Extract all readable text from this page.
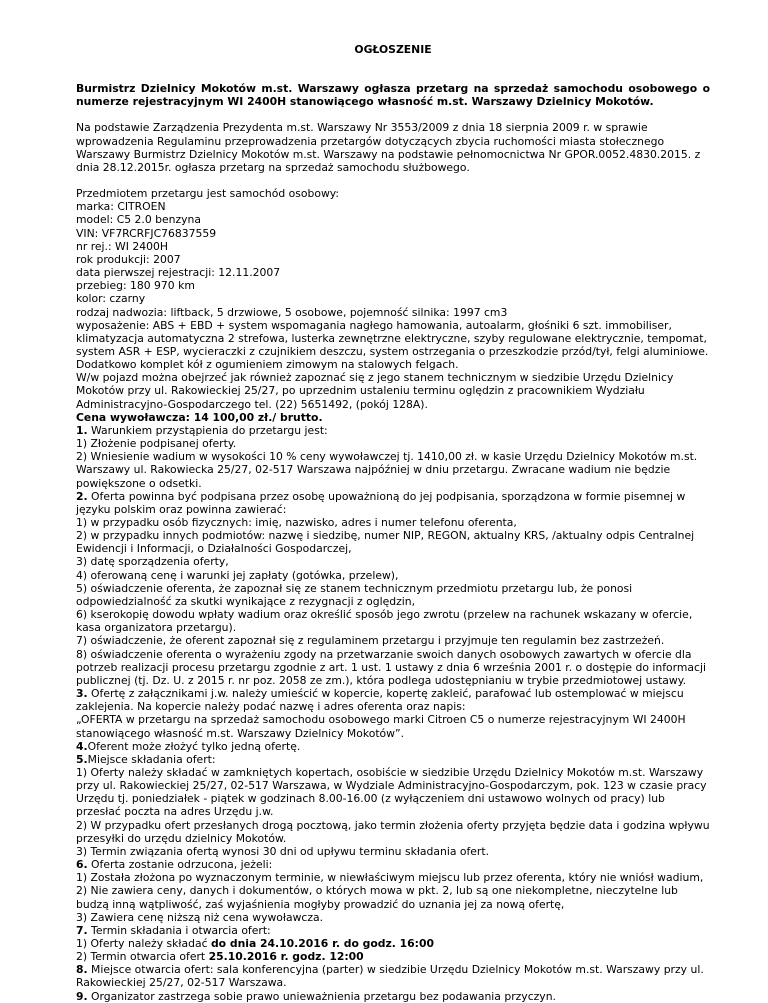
OGŁOSZENIE
Burmistrz Dzielnicy Mokotów m.st. Warszawy ogłasza przetarg na sprzedaż samochodu osobowego o numerze rejestracyjnym WI 2400H stanowiącego własność m.st. Warszawy Dzielnicy Mokotów.
Na podstawie Zarządzenia Prezydenta m.st. Warszawy Nr 3553/2009 z dnia 18 sierpnia 2009 r. w sprawie wprowadzenia Regulaminu przeprowadzenia przetargów dotyczących zbycia ruchomości miasta stołecznego Warszawy Burmistrz Dzielnicy Mokotów m.st. Warszawy na podstawie pełnomocnictwa Nr GPOR.0052.4830.2015. z dnia 28.12.2015r. ogłasza przetarg na sprzedaż samochodu służbowego.

Przedmiotem przetargu jest samochód osobowy:

marka: CITROEN

model: C5 2.0 benzyna

VIN: VF7RCRFJC76837559

nr rej.: WI 2400H

rok produkcji: 2007

data pierwszej rejestracji: 12.11.2007

przebieg: 180 970 km

kolor: czarny

rodzaj nadwozia: liftback, 5 drzwiowe, 5 osobowe, pojemność silnika: 1997 cm3

wyposażenie: ABS + EBD + system wspomagania nagłego hamowania, autoalarm, głośniki 6 szt. immobiliser, klimatyzacja automatyczna 2 strefowa, lusterka zewnętrzne elektryczne, szyby regulowane elektrycznie, tempomat, system ASR + ESP, wycieraczki z czujnikiem deszczu, system ostrzegania o przeszkodzie przód/tył, felgi aluminiowe.

Dodatkowo komplet kół z ogumieniem zimowym na stalowych felgach.

W/w pojazd można obejrzeć jak również zapoznać się z jego stanem technicznym w siedzibie Urzędu Dzielnicy Mokotów przy ul. Rakowieckiej 25/27, po uprzednim ustaleniu terminu oględzin z pracownikiem Wydziału Administracyjno-Gospodarczego tel. (22) 5651492, (pokój 128A).

Cena wywoławcza: 14 100,00 zł./ brutto.

1. Warunkiem przystąpienia do przetargu jest:

1) Złożenie podpisanej oferty.

2) Wniesienie wadium w wysokości 10 % ceny wywoławczej tj. 1410,00 zł. w kasie Urzędu Dzielnicy Mokotów m.st. Warszawy ul. Rakowiecka 25/27, 02-517 Warszawa najpóźniej w dniu przetargu. Zwracane wadium nie będzie powiększone o odsetki.

2. Oferta powinna być podpisana przez osobę upoważnioną do jej podpisania, sporządzona w formie pisemnej w języku polskim oraz powinna zawierać:

1) w przypadku osób fizycznych: imię, nazwisko, adres i numer telefonu oferenta,

2) w przypadku innych podmiotów: nazwę i siedzibę, numer NIP, REGON, aktualny KRS, /aktualny odpis Centralnej Ewidencji i Informacji, o Działalności Gospodarczej,

3) datę sporządzenia oferty,

4) oferowaną cenę i warunki jej zapłaty (gotówka, przelew),

5) oświadczenie oferenta, że zapoznał się ze stanem technicznym przedmiotu przetargu lub, że ponosi odpowiedzialność za skutki wynikające z rezygnacji z oględzin,

6) kserokopię dowodu wpłaty wadium oraz określić sposób jego zwrotu (przelew na rachunek wskazany w ofercie, kasa organizatora przetargu).

7) oświadczenie, że oferent zapoznał się z regulaminem przetargu i przyjmuje ten regulamin bez zastrzeżeń.

8) oświadczenie oferenta o wyrażeniu zgody na przetwarzanie swoich danych osobowych zawartych w ofercie dla potrzeb realizacji procesu przetargu zgodnie z art. 1 ust. 1 ustawy z dnia 6 września 2001 r. o dostępie do informacji publicznej (tj. Dz. U. z 2015 r. nr poz. 2058 ze zm.), która podlega udostępnianiu w trybie przedmiotowej ustawy.

3. Ofertę z załącznikami j.w. należy umieścić w kopercie, kopertę zakleić, parafować lub ostemplować w miejscu zaklejenia. Na kopercie należy podać nazwę i adres oferenta oraz napis:

„OFERTA w przetargu na sprzedaż samochodu osobowego marki Citroen C5 o numerze rejestracyjnym WI 2400H stanowiącego własność m.st. Warszawy Dzielnicy Mokotów”.

4.Oferent może złożyć tylko jedną ofertę.

5.Miejsce składania ofert:

1) Oferty należy składać w zamkniętych kopertach, osobiście w siedzibie Urzędu Dzielnicy Mokotów m.st. Warszawy przy ul. Rakowieckiej 25/27, 02-517 Warszawa, w Wydziale Administracyjno-Gospodarczym, pok. 123 w czasie pracy Urzędu tj. poniedziałek - piątek w godzinach 8.00-16.00 (z wyłączeniem dni ustawowo wolnych od pracy) lub przesłać poczta na adres Urzędu j.w.

2) W przypadku ofert przesłanych drogą pocztową, jako termin złożenia oferty przyjęta będzie data i godzina wpływu przesyłki do urzędu dzielnicy Mokotów.

3) Termin związania ofertą wynosi 30 dni od upływu terminu składania ofert.

6. Oferta zostanie odrzucona, jeżeli:

1) Została złożona po wyznaczonym terminie, w niewłaściwym miejscu lub przez oferenta, który nie wniósł wadium,

2) Nie zawiera ceny, danych i dokumentów, o których mowa w pkt. 2, lub są one niekompletne, nieczytelne lub budzą inną wątpliwość, zaś wyjaśnienia mogłyby prowadzić do uznania jej za nową ofertę,

3) Zawiera cenę niższą niż cena wywoławcza.

7. Termin składania i otwarcia ofert:

1) Oferty należy składać do dnia 24.10.2016 r. do godz. 16:00

2) Termin otwarcia ofert 25.10.2016 r. godz. 12:00

8. Miejsce otwarcia ofert: sala konferencyjna (parter) w siedzibie Urzędu Dzielnicy Mokotów m.st. Warszawy przy ul. Rakowieckiej 25/27, 02-517 Warszawa.

9. Organizator zastrzega sobie prawo unieważnienia przetargu bez podawania przyczyn.
